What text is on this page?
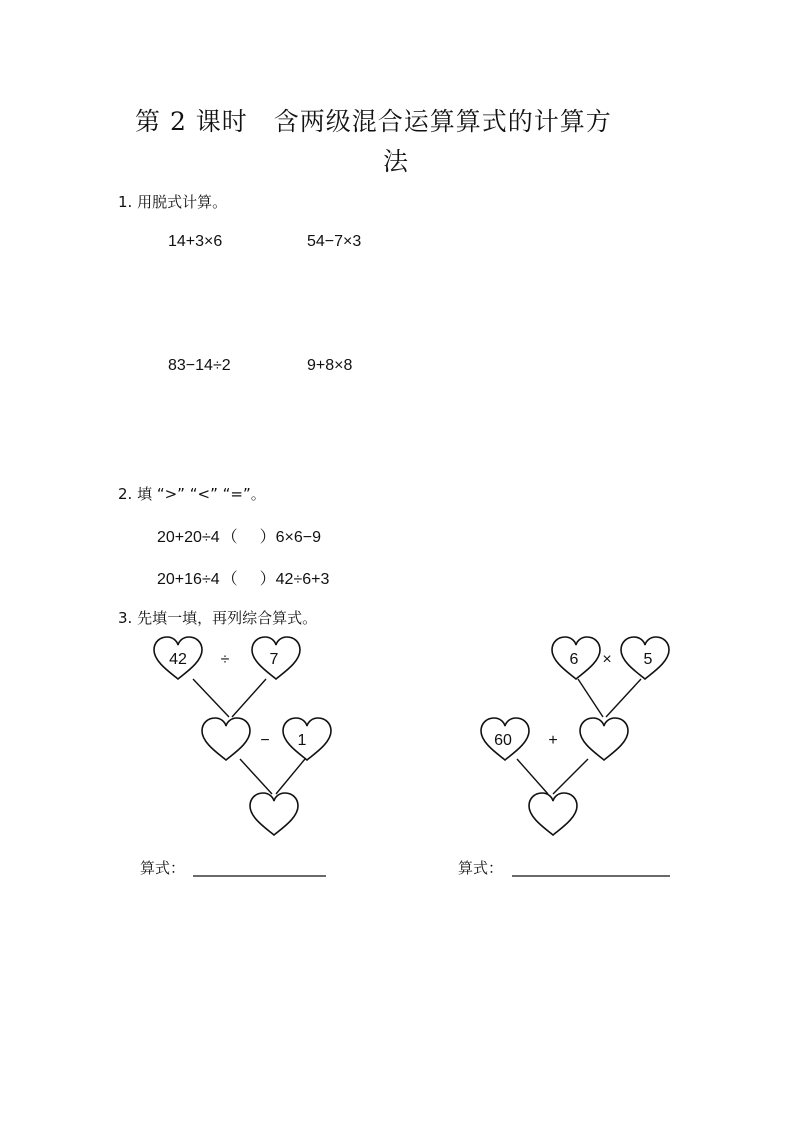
第 2 课时　含两级混合运算算式的计算方
法
1. 用脱式计算。
14+3×6	54−7×3
83−14÷2	9+8×8
2. 填 “>” “<” “=”。
20+20÷4 （ ）6×6−9
20+16÷4 （ ）42÷6+3
3. 先填一填，再列综合算式。
42 ÷	7
− 1
6 × 5
60 +
算式：	算式：
